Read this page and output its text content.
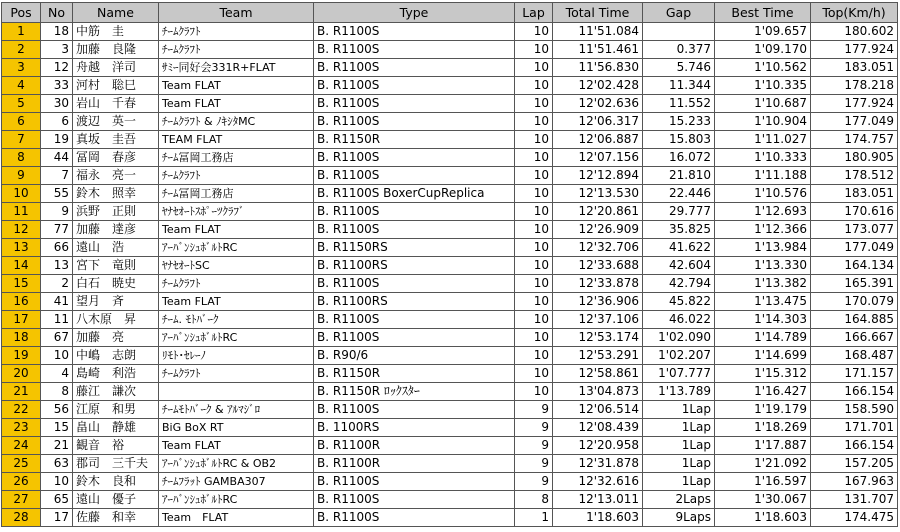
Pos	No	Name	Team	Type	Lap	Total Time	Gap	Best Time	Top(Km/h)
1	18	中筋　圭	ﾁｰﾑｸﾗﾌﾄ	B. R1100S	10	11'51.084		1'09.657	180.602
2	3	加藤　良隆	ﾁｰﾑｸﾗﾌﾄ	B. R1100S	10	11'51.461	0.377	1'09.170	177.924
3	12	舟越　洋司	ｻﾐｰ同好会331R+FLAT	B. R1100S	10	11'56.830	5.746	1'10.562	183.051
4	33	河村　聡巳	Team FLAT	B. R1100S	10	12'02.428	11.344	1'10.335	178.218
5	30	岩山　千春	Team FLAT	B. R1100S	10	12'02.636	11.552	1'10.687	177.924
6	6	渡辺　英一	ﾁｰﾑｸﾗﾌﾄ & ﾉｷｼﾀMC	B. R1100S	10	12'06.317	15.233	1'10.904	177.049
7	19	真坂　圭吾	TEAM FLAT	B. R1150R	10	12'06.887	15.803	1'11.027	174.757
8	44	冨岡　春彦	ﾁｰﾑ冨岡工務店	B. R1100S	10	12'07.156	16.072	1'10.333	180.905
9	7	福永　亮一	ﾁｰﾑｸﾗﾌﾄ	B. R1100S	10	12'12.894	21.810	1'11.188	178.512
10	55	鈴木　照幸	ﾁｰﾑ冨岡工務店	B. R1100S BoxerCupReplica	10	12'13.530	22.446	1'10.576	183.051
11	9	浜野　正則	ﾔﾅｾｵｰﾄｽﾎﾟｰﾂｸﾗﾌﾞ	B. R1100S	10	12'20.861	29.777	1'12.693	170.616
12	77	加藤　達彦	Team FLAT	B. R1100S	10	12'26.909	35.825	1'12.366	173.077
13	66	遠山　浩	ｱｰﾊﾞﾝｼｭﾎﾞﾙﾄRC	B. R1150RS	10	12'32.706	41.622	1'13.984	177.049
14	13	宮下　竜則	ﾔﾅｾｵｰﾄSC	B. R1100RS	10	12'33.688	42.604	1'13.330	164.134
15	2	白石　暁史	ﾁｰﾑｸﾗﾌﾄ	B. R1100S	10	12'33.878	42.794	1'13.382	165.391
16	41	望月　斉	Team FLAT	B. R1100RS	10	12'36.906	45.822	1'13.475	170.079
17	11	八木原　昇	ﾁｰﾑ. ﾓﾄﾊﾞｰｸ	B. R1100S	10	12'37.106	46.022	1'14.303	164.885
18	67	加藤　亮	ｱｰﾊﾞﾝｼｭﾎﾞﾙﾄRC	B. R1100S	10	12'53.174	1'02.090	1'14.789	166.667
19	10	中嶋　志朗	ﾘﾓﾄ･ｾﾚｰﾉ	B. R90/6	10	12'53.291	1'02.207	1'14.699	168.487
20	4	島崎　利浩	ﾁｰﾑｸﾗﾌﾄ	B. R1150R	10	12'58.861	1'07.777	1'15.312	171.157
21	8	藤江　謙次		B. R1150R ﾛｯｸｽﾀｰ	10	13'04.873	1'13.789	1'16.427	166.154
22	56	江原　和男	ﾁｰﾑﾓﾄﾊﾞｰｸ & ｱﾙﾏｼﾞﾛ	B. R1100S	9	12'06.514	1Lap	1'19.179	158.590
23	15	畠山　静雄	BiG BoX RT	B. 1100RS	9	12'08.439	1Lap	1'18.269	171.701
24	21	観音　裕	Team FLAT	B. R1100R	9	12'20.958	1Lap	1'17.887	166.154
25	63	郡司　三千夫	ｱｰﾊﾞﾝｼｭﾎﾞﾙﾄRC & OB2	B. R1100R	9	12'31.878	1Lap	1'21.092	157.205
26	10	鈴木　良和	ﾁｰﾑﾌﾗｯﾄ GAMBA307	B. R1100S	9	12'32.616	1Lap	1'16.597	167.963
27	65	遠山　優子	ｱｰﾊﾞﾝｼｭﾎﾞﾙﾄRC	B. R1100S	8	12'13.011	2Laps	1'30.067	131.707
28	17	佐藤　和幸	Team　FLAT	B. R1100S	1	1'18.603	9Laps	1'18.603	174.475
